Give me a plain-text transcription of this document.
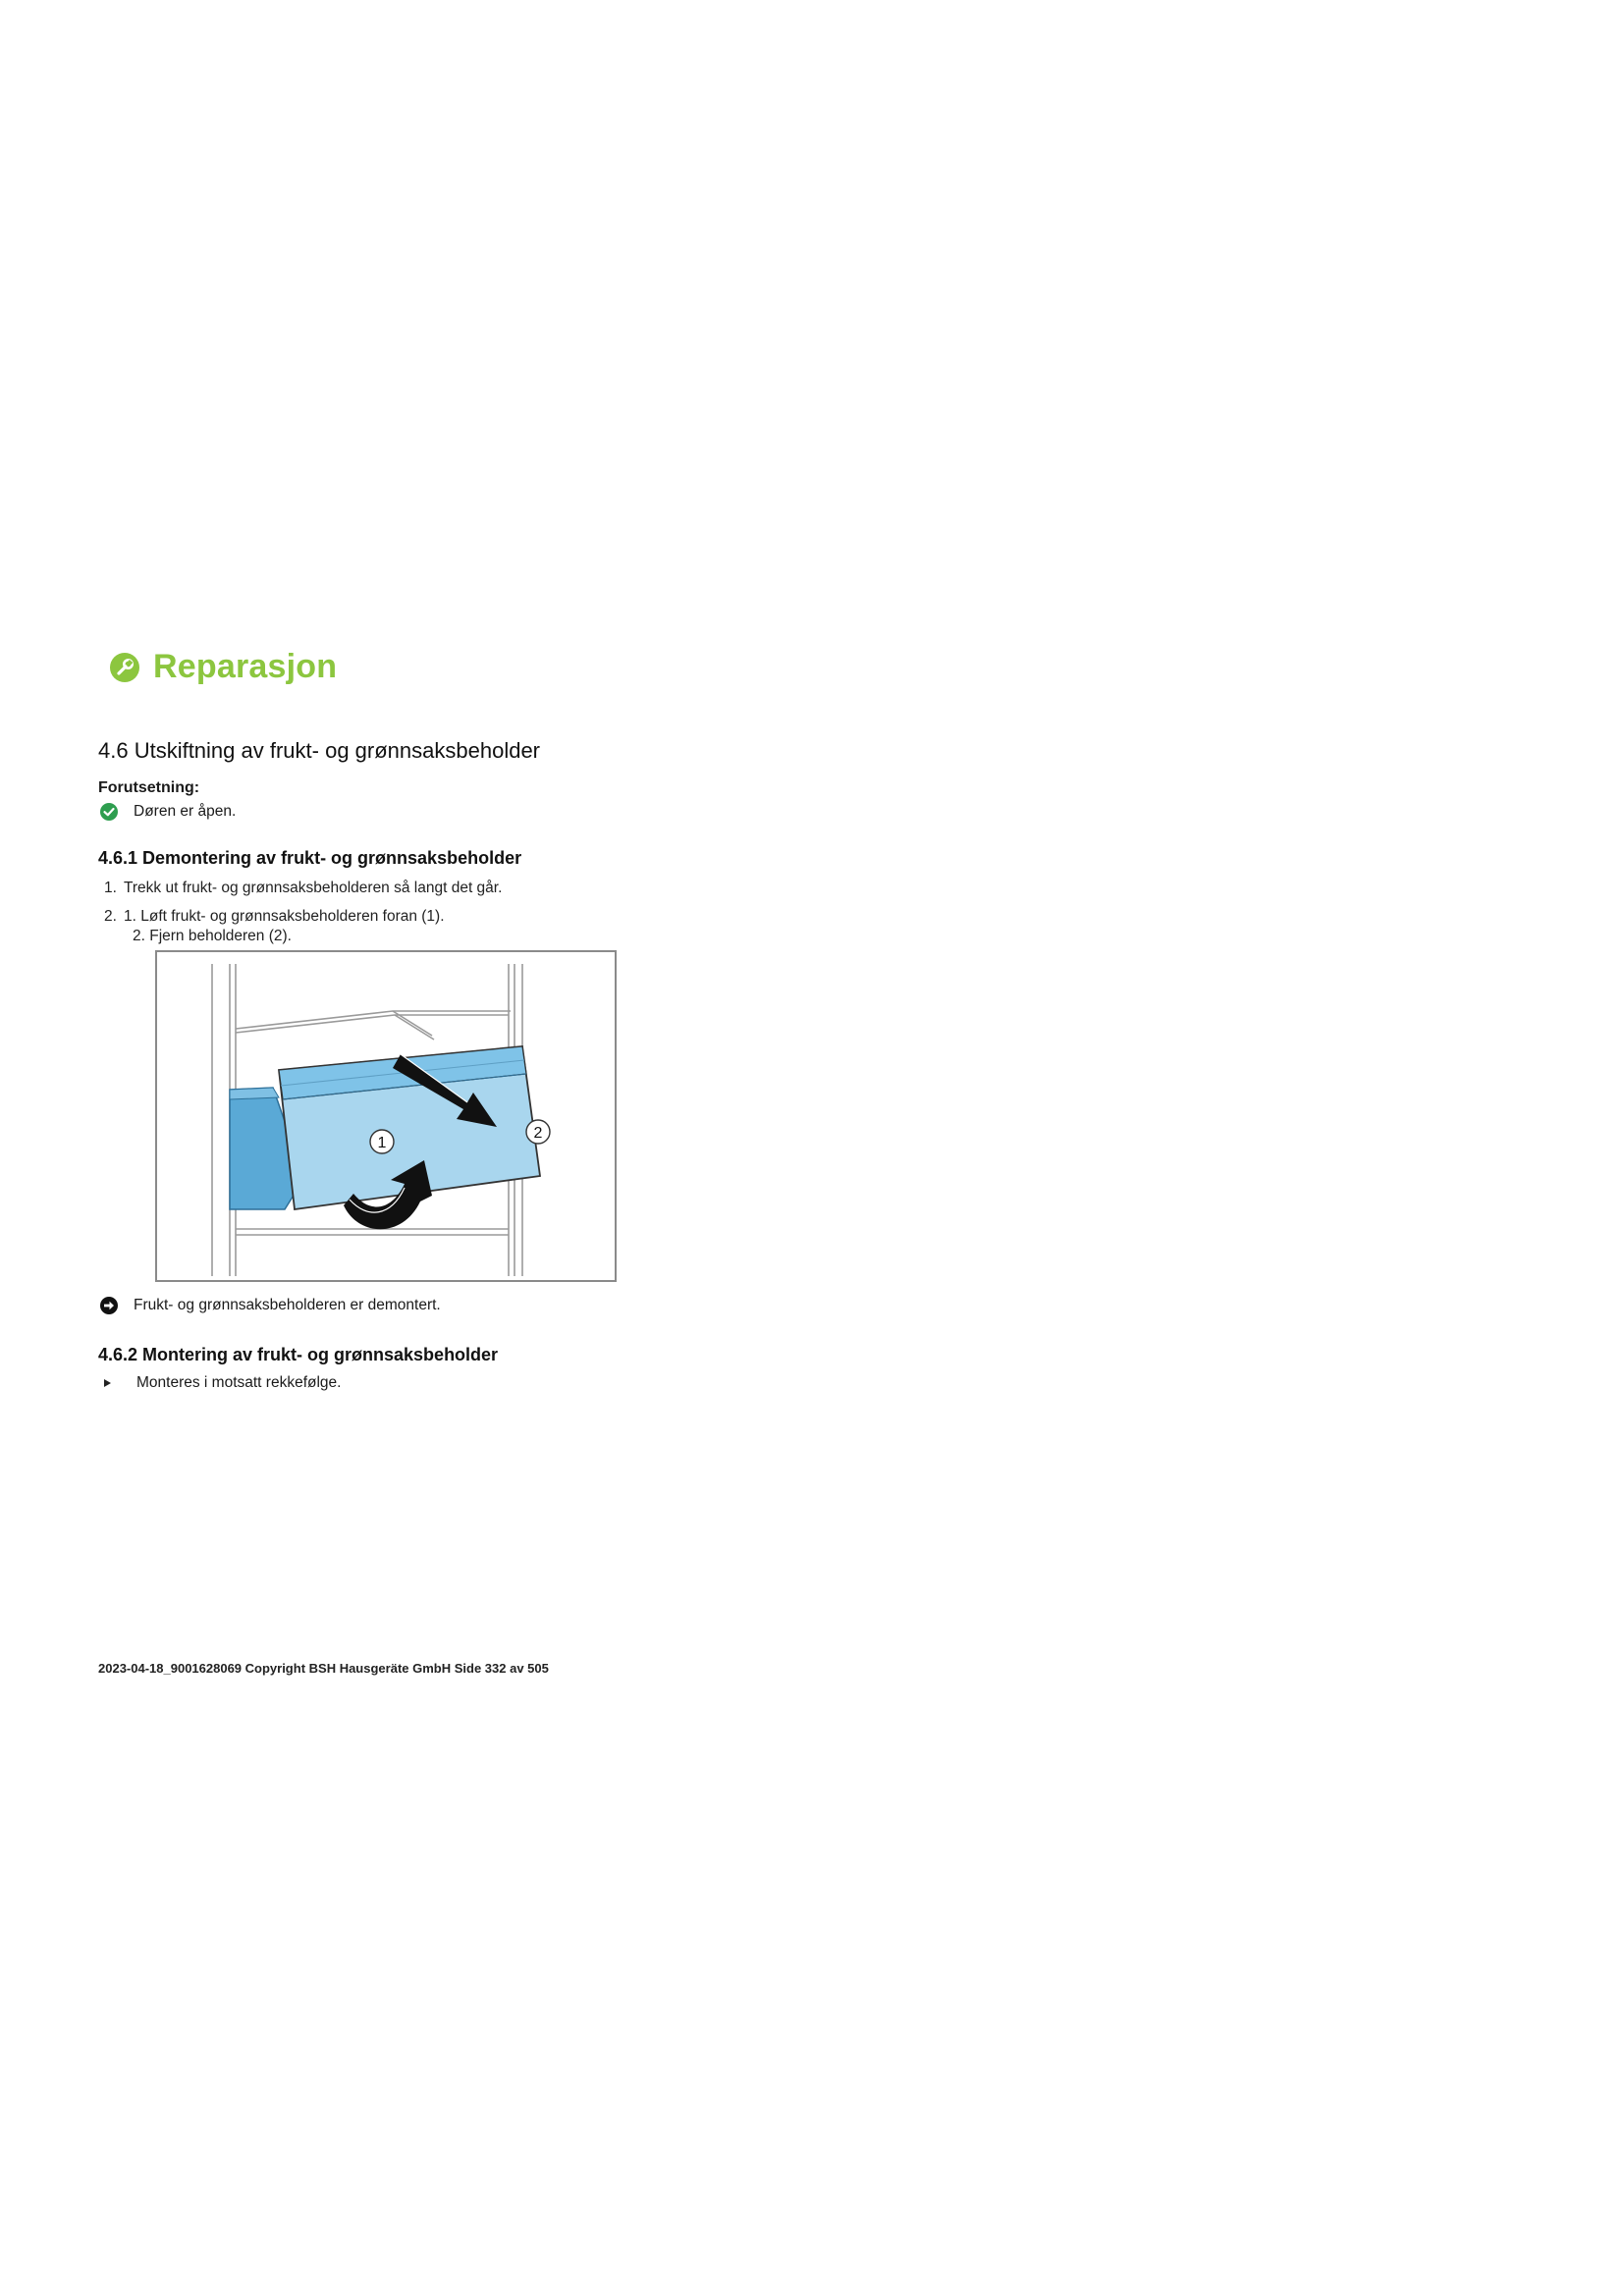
Reparasjon
4.6 Utskiftning av frukt- og grønnsaksbeholder
Forutsetning:
Døren er åpen.
4.6.1 Demontering av frukt- og grønnsaksbeholder
1. Trekk ut frukt- og grønnsaksbeholderen så langt det går.
2. 1. Løft frukt- og grønnsaksbeholderen foran (1).
2. Fjern beholderen (2).
1
2
Frukt- og grønnsaksbeholderen er demontert.
4.6.2 Montering av frukt- og grønnsaksbeholder
Monteres i motsatt rekkefølge.
2023-04-18_9001628069 Copyright BSH Hausgeräte GmbH Side 332 av 505
